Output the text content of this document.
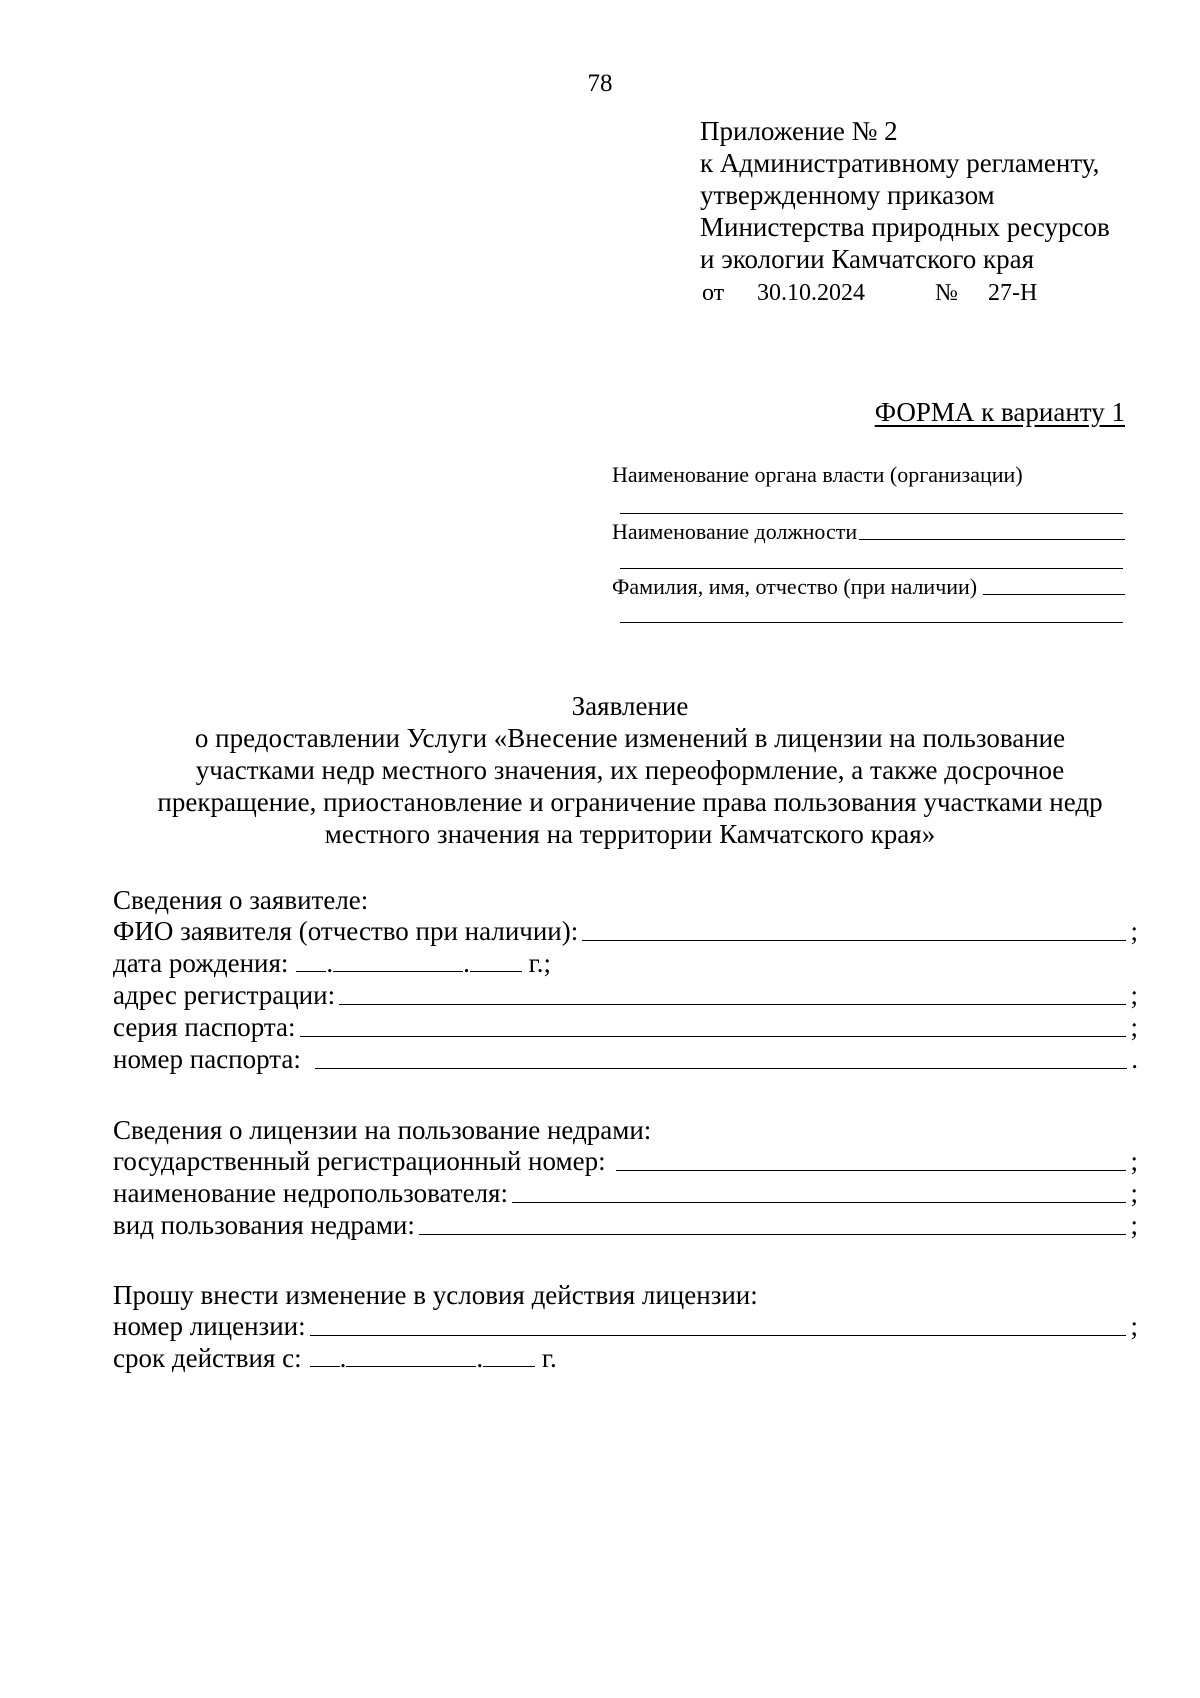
78
Приложение № 2
к Административному регламенту,
утвержденному приказом
Министерства природных ресурсов
и экологии Камчатского края
от 30.10.2024	№ 27-Н
ФОРМА к варианту 1
Наименование органа власти (организации)
Наименование должности
Фамилия, имя, отчество (при наличии)
Заявление
о предоставлении Услуги «Внесение изменений в лицензии на пользование
участками недр местного значения, их переоформление, а также досрочное
прекращение, приостановление и ограничение права пользования участками недр
местного значения на территории Камчатского края»
Сведения о заявителе:
ФИО заявителя (отчество при наличии):	;
дата рождения:	.	. г.;
адрес регистрации:	;
серия паспорта:	;
номер паспорта:	.
Сведения о лицензии на пользование недрами:
государственный регистрационный номер:	;
наименование недропользователя:	;
вид пользования недрами:	;
Прошу внести изменение в условия действия лицензии:
номер лицензии:	;
срок действия с:	.	. г.
